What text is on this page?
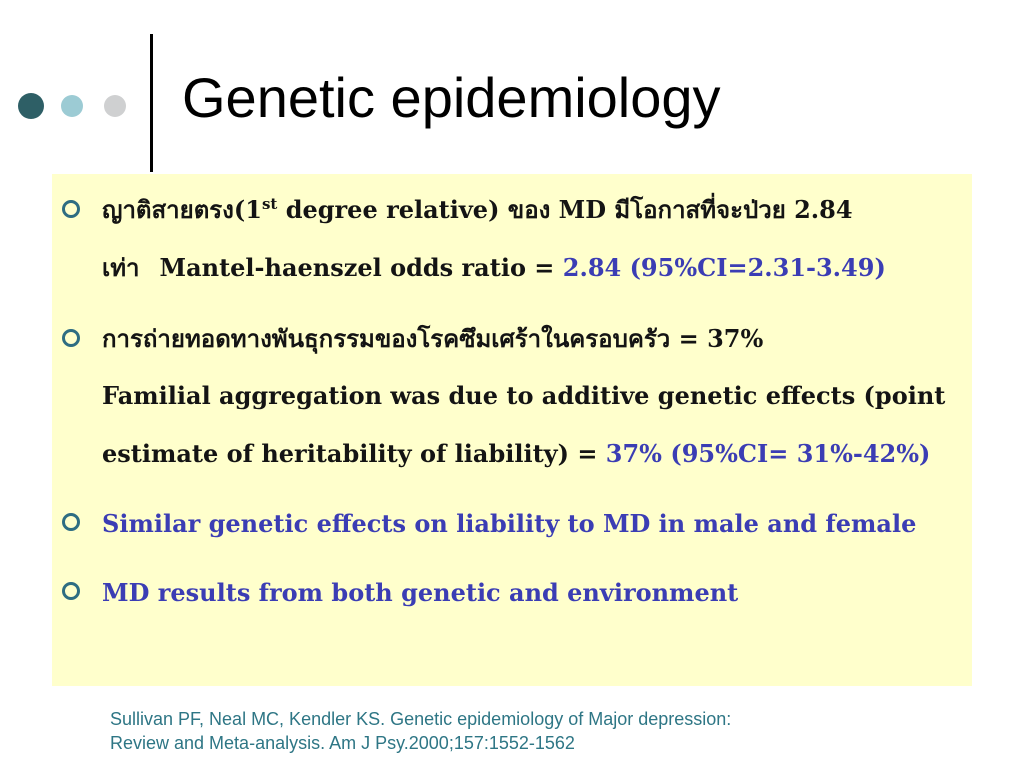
Genetic epidemiology
ญาติสายตรง(1st degree relative) ของ MD มีโอกาสที่จะป่วย 2.84
เท่า Mantel-haenszel odds ratio = 2.84 (95%CI=2.31-3.49)
การถ่ายทอดทางพันธุกรรมของโรคซึมเศร้าในครอบครัว = 37%
Familial aggregation was due to additive genetic effects (point
estimate of heritability of liability) = 37% (95%CI= 31%-42%)
Similar genetic effects on liability to MD in male and female
MD results from both genetic and environment
Sullivan PF, Neal MC, Kendler KS. Genetic epidemiology of Major depression:
Review and Meta-analysis. Am J Psy.2000;157:1552-1562
